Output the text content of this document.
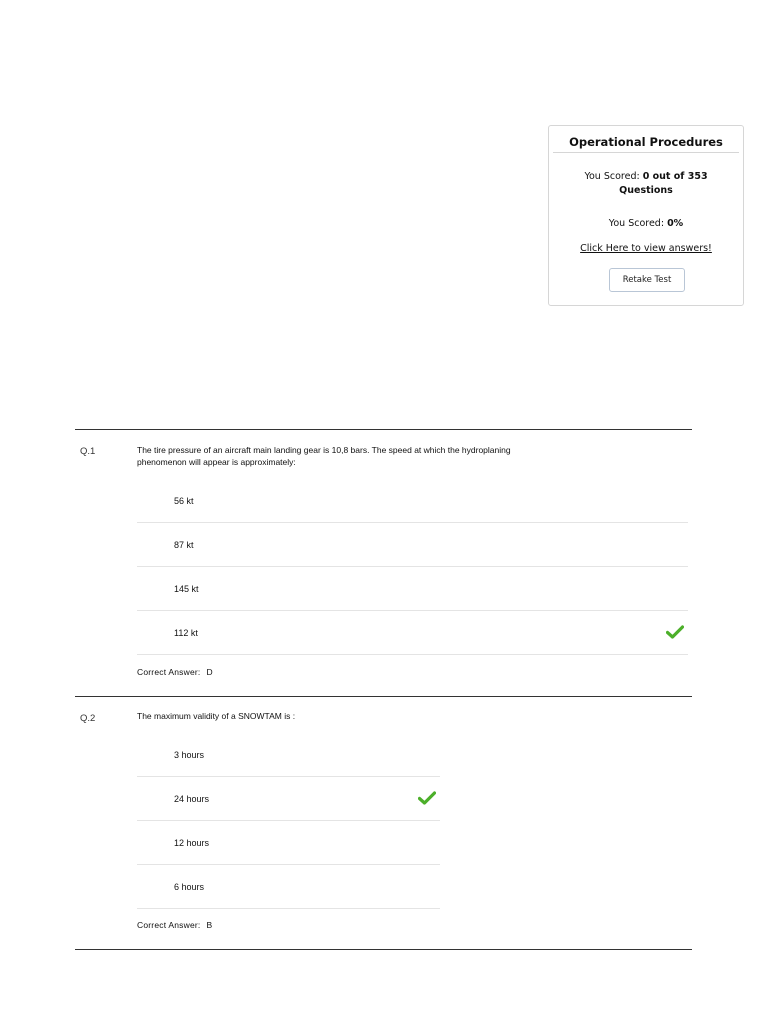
Operational Procedures
You Scored: 0 out of 353
Questions
You Scored: 0%
Click Here to view answers!
Retake Test
Q.1	The tire pressure of an aircraft main landing gear is 10,8 bars. The speed at which the hydroplaning phenomenon will appear is approximately:
56 kt
87 kt
145 kt
112 kt
Correct Answer: D
Q.2	The maximum validity of a SNOWTAM is :
3 hours
24 hours
12 hours
6 hours
Correct Answer: B
